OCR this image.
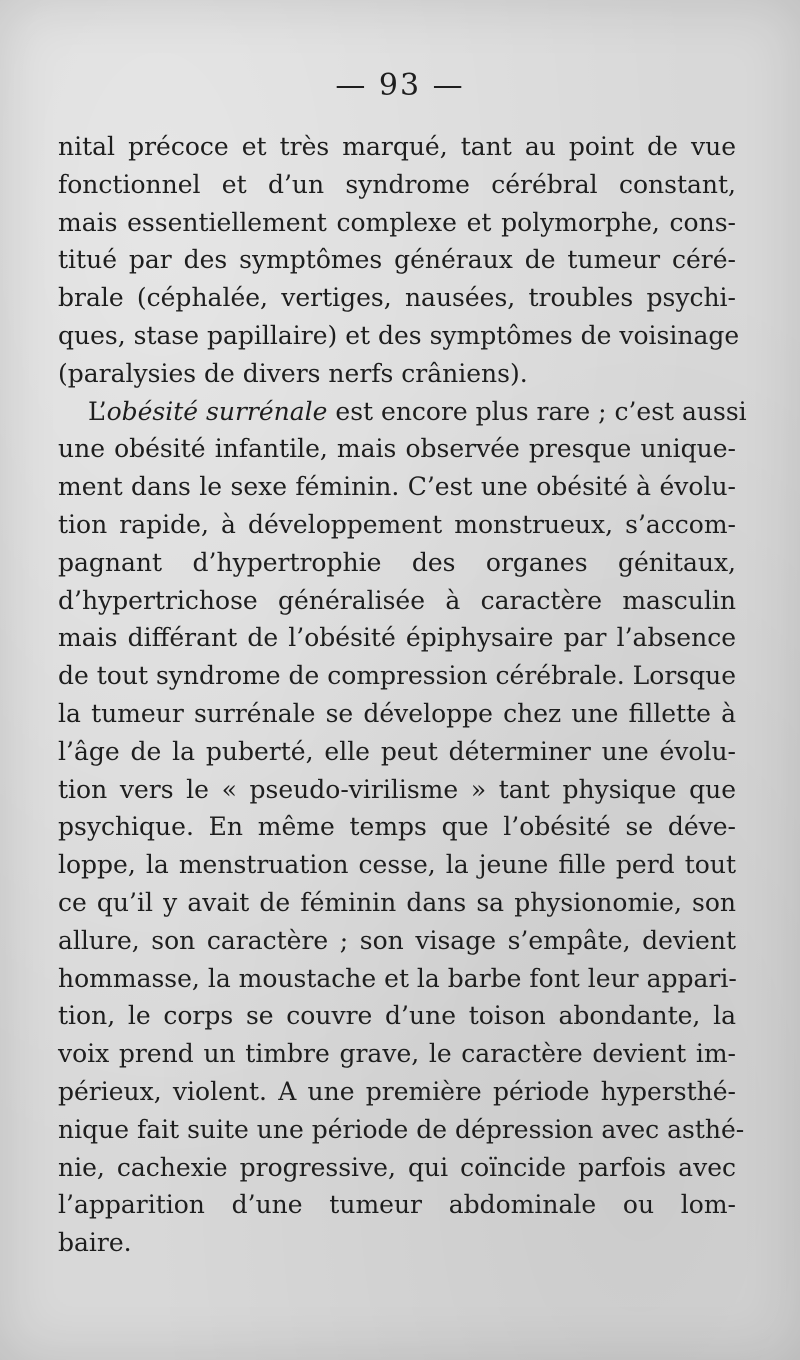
— 93 —
nital précoce et très marqué, tant au point de vue
fonctionnel et d’un syndrome cérébral constant,
mais essentiellement complexe et polymorphe, cons-
titué par des symptômes généraux de tumeur céré-
brale (céphalée, vertiges, nausées, troubles psychi-
ques, stase papillaire) et des symptômes de voisinage
(paralysies de divers nerfs crâniens).
L’obésité surrénale est encore plus rare ; c’est aussi
une obésité infantile, mais observée presque unique-
ment dans le sexe féminin. C’est une obésité à évolu-
tion rapide, à développement monstrueux, s’accom-
pagnant d’hypertrophie des organes génitaux,
d’hypertrichose généralisée à caractère masculin
mais différant de l’obésité épiphysaire par l’absence
de tout syndrome de compression cérébrale. Lorsque
la tumeur surrénale se développe chez une fillette à
l’âge de la puberté, elle peut déterminer une évolu-
tion vers le « pseudo-virilisme » tant physique que
psychique. En même temps que l’obésité se déve-
loppe, la menstruation cesse, la jeune fille perd tout
ce qu’il y avait de féminin dans sa physionomie, son
allure, son caractère ; son visage s’empâte, devient
hommasse, la moustache et la barbe font leur appari-
tion, le corps se couvre d’une toison abondante, la
voix prend un timbre grave, le caractère devient im-
périeux, violent. A une première période hypersthé-
nique fait suite une période de dépression avec asthé-
nie, cachexie progressive, qui coïncide parfois avec
l’apparition d’une tumeur abdominale ou lom-
baire.
